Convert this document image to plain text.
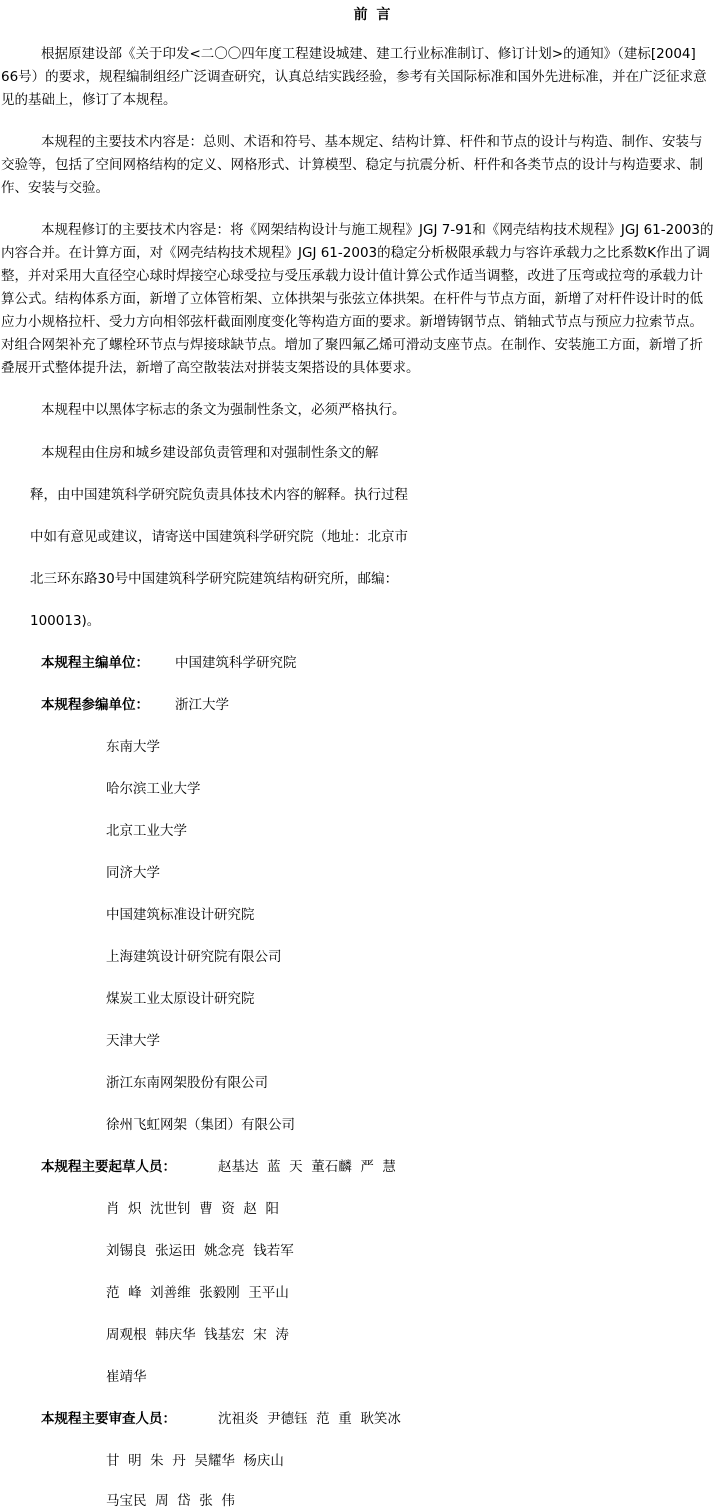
前 言

根据原建设部《关于印发<二〇〇四年度工程建设城建、建工行业标准制订、修订计划>的通知》（建标[2004] 66号）的要求，规程编制组经广泛调查研究，认真总结实践经验，参考有关国际标准和国外先进标准，并在广泛征求意见的基础上，修订了本规程。

本规程的主要技术内容是：总则、术语和符号、基本规定、结构计算、杆件和节点的设计与构造、制作、安装与交验等，包括了空间网格结构的定义、网格形式、计算模型、稳定与抗震分析、杆件和各类节点的设计与构造要求、制作、安装与交验。

本规程修订的主要技术内容是：将《网架结构设计与施工规程》JGJ 7-91和《网壳结构技术规程》JGJ 61-2003的内容合并。在计算方面，对《网壳结构技术规程》JGJ 61-2003的稳定分析极限承载力与容许承载力之比系数K作出了调整，并对采用大直径空心球时焊接空心球受拉与受压承载力设计值计算公式作适当调整，改进了压弯或拉弯的承载力计算公式。结构体系方面，新增了立体管桁架、立体拱架与张弦立体拱架。在杆件与节点方面，新增了对杆件设计时的低应力小规格拉杆、受力方向相邻弦杆截面刚度变化等构造方面的要求。新增铸钢节点、销轴式节点与预应力拉索节点。对组合网架补充了螺栓环节点与焊接球缺节点。增加了聚四氟乙烯可滑动支座节点。在制作、安装施工方面，新增了折叠展开式整体提升法，新增了高空散装法对拼装支架搭设的具体要求。

本规程中以黑体字标志的条文为强制性条文，必须严格执行。

本规程由住房和城乡建设部负责管理和对强制性条文的解

释，由中国建筑科学研究院负责具体技术内容的解释。执行过程

中如有意见或建议，请寄送中国建筑科学研究院（地址：北京市

北三环东路30号中国建筑科学研究院建筑结构研究所，邮编：

100013)。

本规程主编单位： 中国建筑科学研究院
本规程参编单位： 浙江大学
东南大学
哈尔滨工业大学
北京工业大学
同济大学
中国建筑标准设计研究院
上海建筑设计研究院有限公司
煤炭工业太原设计研究院
天津大学
浙江东南网架股份有限公司
徐州飞虹网架（集团）有限公司
本规程主要起草人员：	赵基达  蓝  天  董石麟  严  慧
肖  炽  沈世钊  曹  资  赵  阳
刘锡良  张运田  姚念亮  钱若军
范  峰  刘善维  张毅刚  王平山
周观根  韩庆华  钱基宏  宋  涛
崔靖华
本规程主要审查人员：	沈祖炎  尹德钰  范  重  耿笑冰
甘  明  朱  丹  吴耀华  杨庆山
马宝民  周  岱  张  伟
